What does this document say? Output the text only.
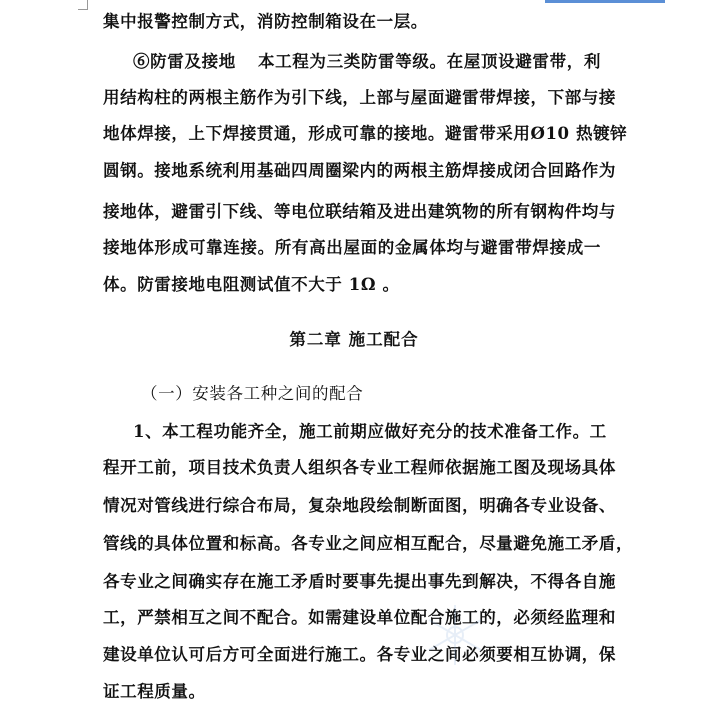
集中报警控制方式，消防控制箱设在一层。
⑥防雷及接地 本工程为三类防雷等级。在屋顶设避雷带，利
用结构柱的两根主筋作为引下线，上部与屋面避雷带焊接，下部与接
地体焊接，上下焊接贯通，形成可靠的接地。避雷带采用Ø10 热镀锌
圆钢。接地系统利用基础四周圈梁内的两根主筋焊接成闭合回路作为
接地体，避雷引下线、等电位联结箱及进出建筑物的所有钢构件均与
接地体形成可靠连接。所有高出屋面的金属体均与避雷带焊接成一
体。防雷接地电阻测试值不大于 1Ω 。
第二章 施工配合
（一）安装各工种之间的配合
1、本工程功能齐全，施工前期应做好充分的技术准备工作。工
程开工前，项目技术负责人组织各专业工程师依据施工图及现场具体
情况对管线进行综合布局，复杂地段绘制断面图，明确各专业设备、
管线的具体位置和标高。各专业之间应相互配合，尽量避免施工矛盾，
各专业之间确实存在施工矛盾时要事先提出事先到解决，不得各自施
工，严禁相互之间不配合。如需建设单位配合施工的，必须经监理和
建设单位认可后方可全面进行施工。各专业之间必须要相互协调，保
证工程质量。
